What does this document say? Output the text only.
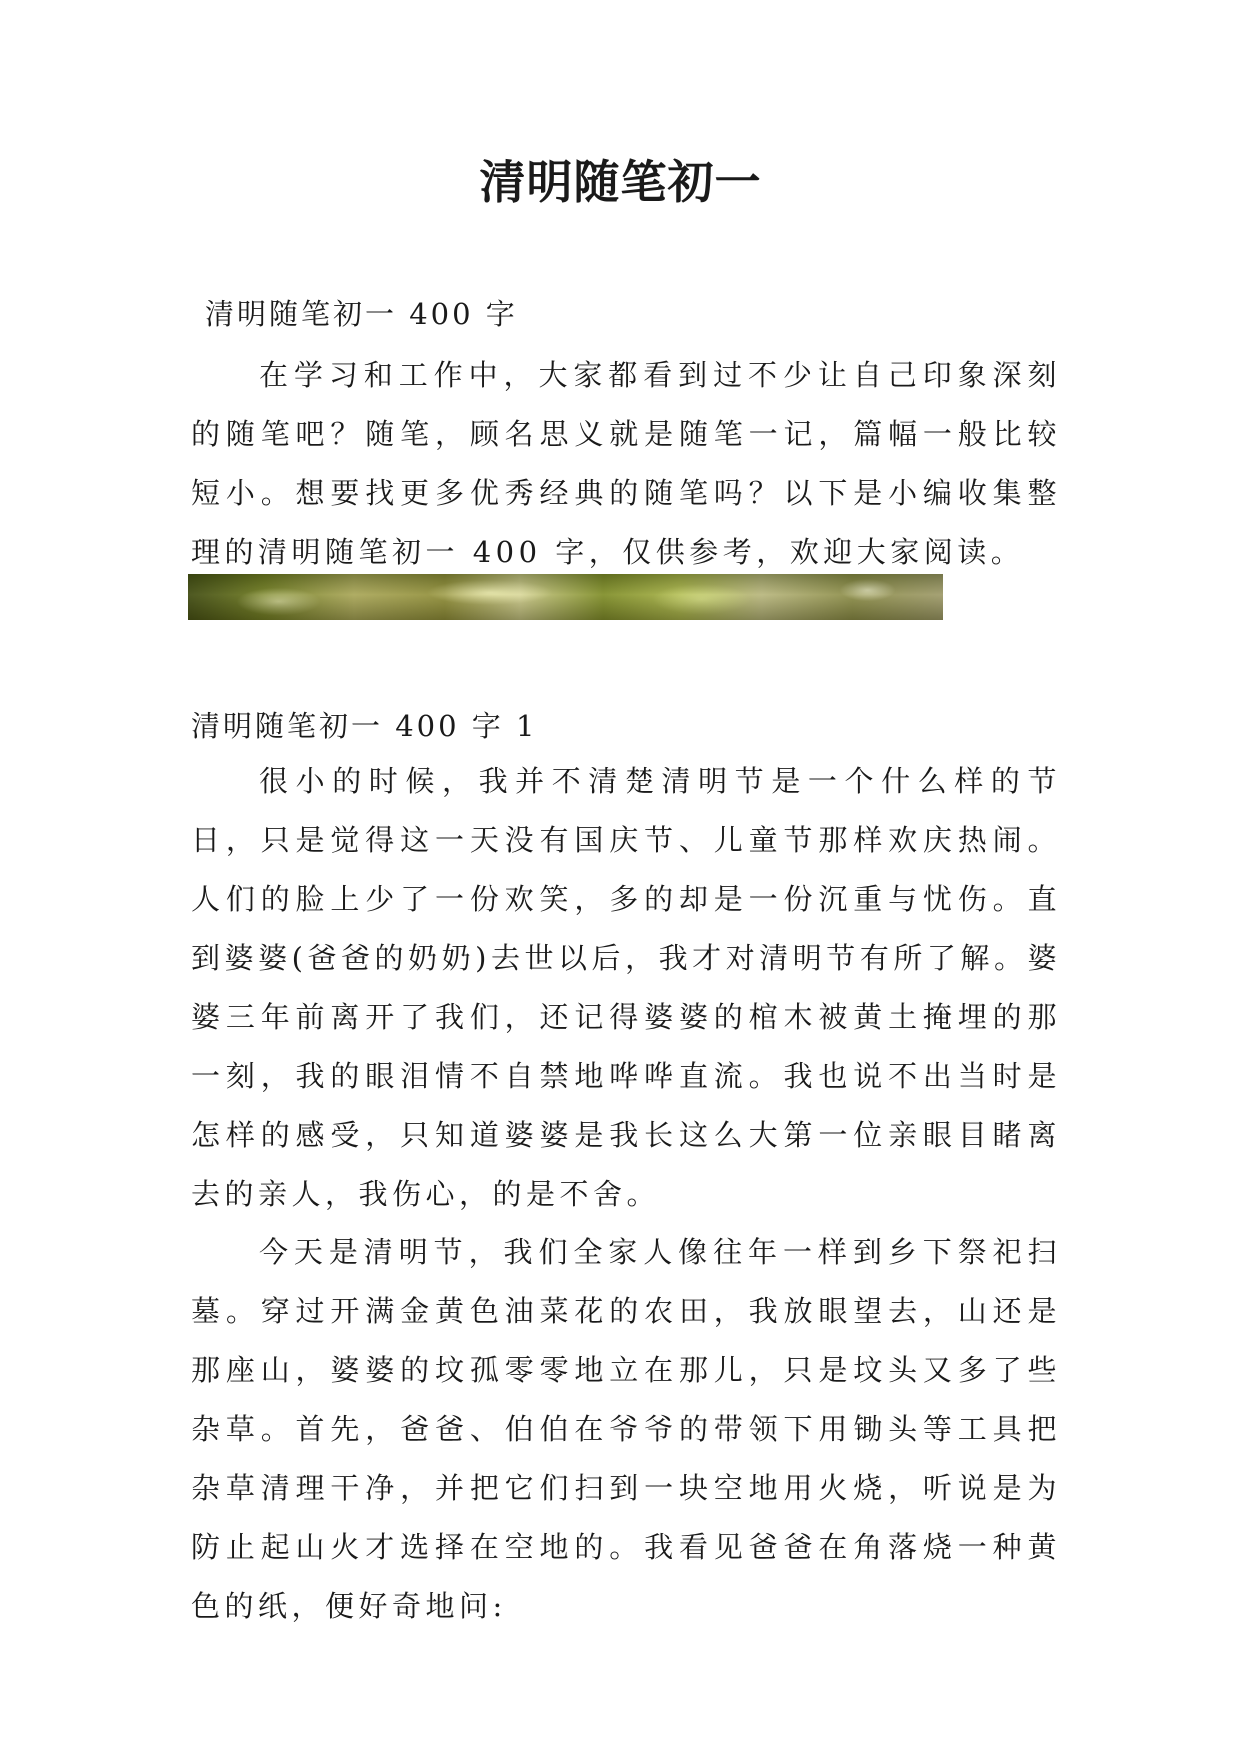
清明随笔初一

清明随笔初一 400 字

在学习和工作中，大家都看到过不少让自己印象深刻的随笔吧？随笔，顾名思义就是随笔一记，篇幅一般比较短小。想要找更多优秀经典的随笔吗？以下是小编收集整理的清明随笔初一 400 字，仅供参考，欢迎大家阅读。

清明随笔初一 400 字 1

很小的时候，我并不清楚清明节是一个什么样的节日，只是觉得这一天没有国庆节、儿童节那样欢庆热闹。人们的脸上少了一份欢笑，多的却是一份沉重与忧伤。直到婆婆(爸爸的奶奶)去世以后，我才对清明节有所了解。婆婆三年前离开了我们，还记得婆婆的棺木被黄土掩埋的那一刻，我的眼泪情不自禁地哗哗直流。我也说不出当时是怎样的感受，只知道婆婆是我长这么大第一位亲眼目睹离去的亲人，我伤心，的是不舍。

今天是清明节，我们全家人像往年一样到乡下祭祀扫墓。穿过开满金黄色油菜花的农田，我放眼望去，山还是那座山，婆婆的坟孤零零地立在那儿，只是坟头又多了些杂草。首先，爸爸、伯伯在爷爷的带领下用锄头等工具把杂草清理干净，并把它们扫到一块空地用火烧，听说是为防止起山火才选择在空地的。我看见爸爸在角落烧一种黄色的纸，便好奇地问:
